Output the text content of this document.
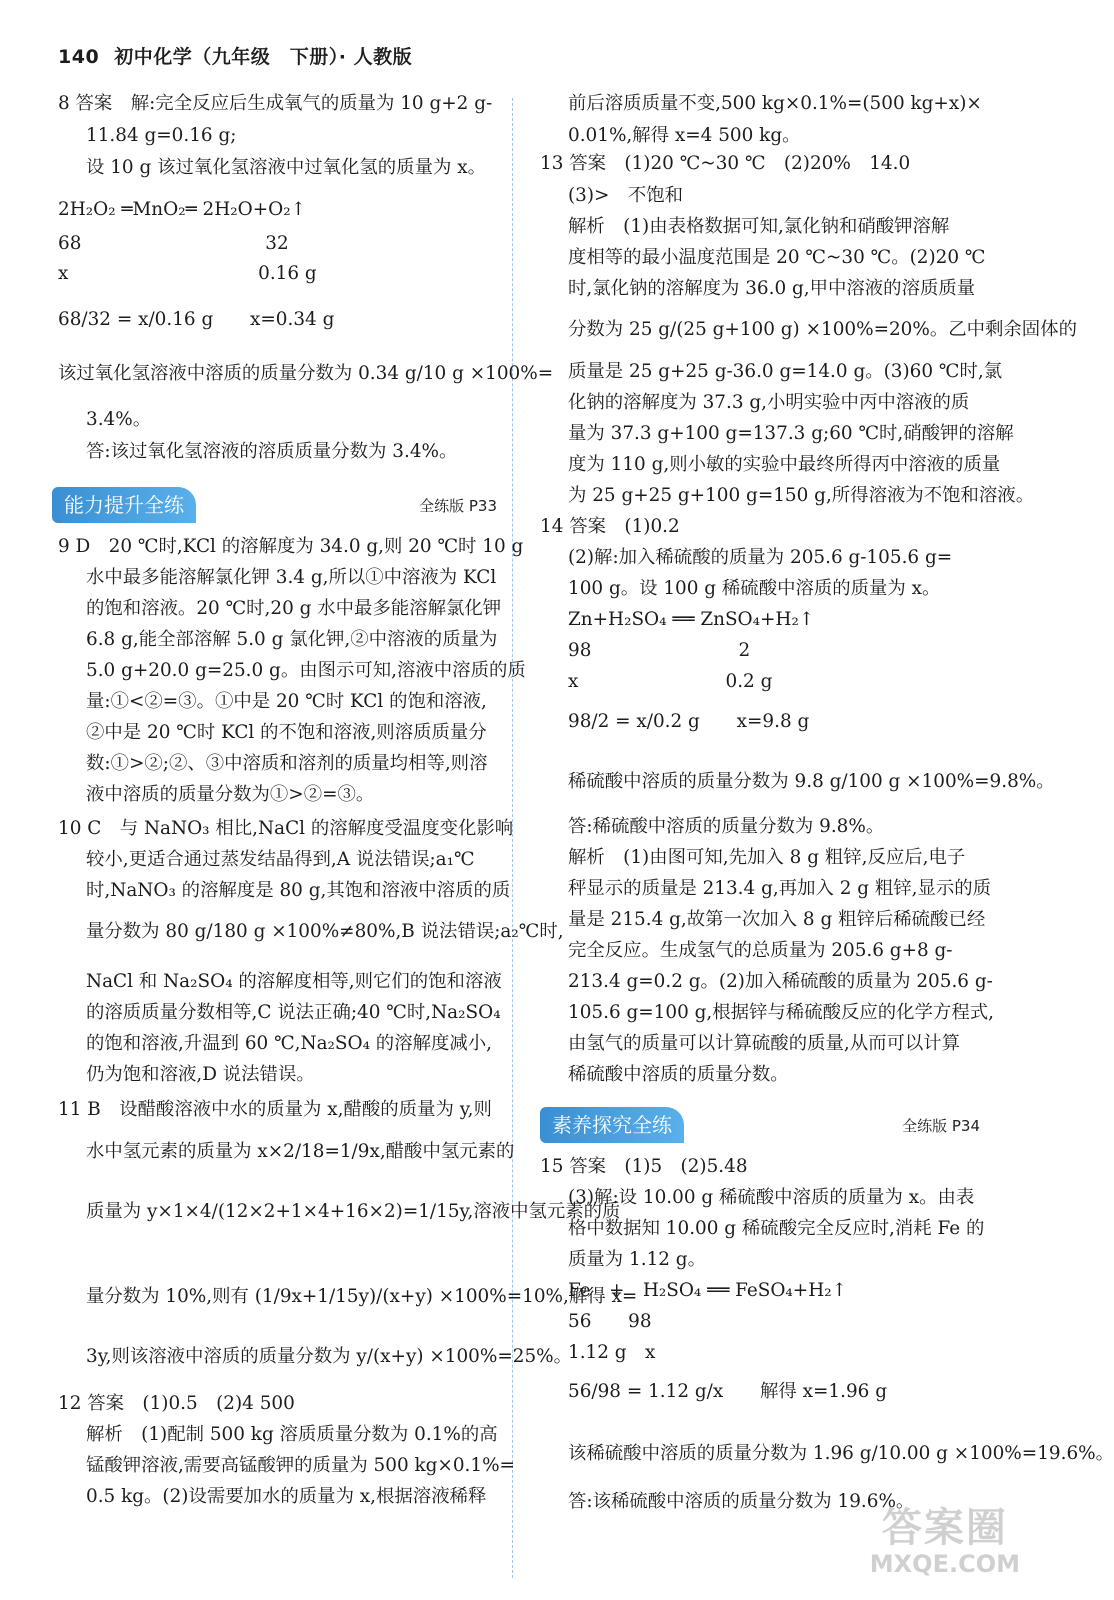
140 初中化学（九年级　下册）· 人教版
8 答案　解:完全反应后生成氧气的质量为 10 g+2 g-
11.84 g=0.16 g;
设 10 g 该过氧化氢溶液中过氧化氢的质量为 x。
2H₂O₂ ═MnO₂═ 2H₂O+O₂↑
68　　　　　　　　　　32
x　　　　　　　　　　 0.16 g
68/32 = x/0.16 g　　x=0.34 g
该过氧化氢溶液中溶质的质量分数为 0.34 g/10 g ×100%=
3.4%。
答:该过氧化氢溶液的溶质质量分数为 3.4%。
9 D　20 ℃时,KCl 的溶解度为 34.0 g,则 20 ℃时 10 g
水中最多能溶解氯化钾 3.4 g,所以①中溶液为 KCl
的饱和溶液。20 ℃时,20 g 水中最多能溶解氯化钾
6.8 g,能全部溶解 5.0 g 氯化钾,②中溶液的质量为
5.0 g+20.0 g=25.0 g。由图示可知,溶液中溶质的质
量:①<②=③。①中是 20 ℃时 KCl 的饱和溶液,
②中是 20 ℃时 KCl 的不饱和溶液,则溶质质量分
数:①>②;②、③中溶质和溶剂的质量均相等,则溶
液中溶质的质量分数为①>②=③。
10 C　与 NaNO₃ 相比,NaCl 的溶解度受温度变化影响
较小,更适合通过蒸发结晶得到,A 说法错误;a₁℃
时,NaNO₃ 的溶解度是 80 g,其饱和溶液中溶质的质
量分数为 80 g/180 g ×100%≠80%,B 说法错误;a₂℃时,
NaCl 和 Na₂SO₄ 的溶解度相等,则它们的饱和溶液
的溶质质量分数相等,C 说法正确;40 ℃时,Na₂SO₄
的饱和溶液,升温到 60 ℃,Na₂SO₄ 的溶解度减小,
仍为饱和溶液,D 说法错误。
11 B　设醋酸溶液中水的质量为 x,醋酸的质量为 y,则
水中氢元素的质量为 x×2/18=1/9x,醋酸中氢元素的
质量为 y×1×4/(12×2+1×4+16×2)=1/15y,溶液中氢元素的质
量分数为 10%,则有 (1/9x+1/15y)/(x+y) ×100%=10%,解得 x=
3y,则该溶液中溶质的质量分数为 y/(x+y) ×100%=25%。
12 答案　(1)0.5　(2)4 500
解析　(1)配制 500 kg 溶质质量分数为 0.1%的高
锰酸钾溶液,需要高锰酸钾的质量为 500 kg×0.1%=
0.5 kg。(2)设需要加水的质量为 x,根据溶液稀释
前后溶质质量不变,500 kg×0.1%=(500 kg+x)×
0.01%,解得 x=4 500 kg。
13 答案　(1)20 ℃~30 ℃　(2)20%　14.0
(3)>　不饱和
解析　(1)由表格数据可知,氯化钠和硝酸钾溶解
度相等的最小温度范围是 20 ℃~30 ℃。(2)20 ℃
时,氯化钠的溶解度为 36.0 g,甲中溶液的溶质质量
分数为 25 g/(25 g+100 g) ×100%=20%。乙中剩余固体的
质量是 25 g+25 g-36.0 g=14.0 g。(3)60 ℃时,氯
化钠的溶解度为 37.3 g,小明实验中丙中溶液的质
量为 37.3 g+100 g=137.3 g;60 ℃时,硝酸钾的溶解
度为 110 g,则小敏的实验中最终所得丙中溶液的质量
为 25 g+25 g+100 g=150 g,所得溶液为不饱和溶液。
14 答案　(1)0.2
(2)解:加入稀硫酸的质量为 205.6 g-105.6 g=
100 g。设 100 g 稀硫酸中溶质的质量为 x。
Zn+H₂SO₄ ══ ZnSO₄+H₂↑
98　　　　　　　　2
x　　　　　　　　0.2 g
98/2 = x/0.2 g　　x=9.8 g
稀硫酸中溶质的质量分数为 9.8 g/100 g ×100%=9.8%。
答:稀硫酸中溶质的质量分数为 9.8%。
解析　(1)由图可知,先加入 8 g 粗锌,反应后,电子
秤显示的质量是 213.4 g,再加入 2 g 粗锌,显示的质
量是 215.4 g,故第一次加入 8 g 粗锌后稀硫酸已经
完全反应。生成氢气的总质量为 205.6 g+8 g-
213.4 g=0.2 g。(2)加入稀硫酸的质量为 205.6 g-
105.6 g=100 g,根据锌与稀硫酸反应的化学方程式,
由氢气的质量可以计算硫酸的质量,从而可以计算
稀硫酸中溶质的质量分数。
15 答案　(1)5　(2)5.48
(3)解:设 10.00 g 稀硫酸中溶质的质量为 x。由表
格中数据知 10.00 g 稀硫酸完全反应时,消耗 Fe 的
质量为 1.12 g。
Fe　+　H₂SO₄ ══ FeSO₄+H₂↑
56　　98
1.12 g　x
56/98 = 1.12 g/x　　解得 x=1.96 g
该稀硫酸中溶质的质量分数为 1.96 g/10.00 g ×100%=19.6%。
答:该稀硫酸中溶质的质量分数为 19.6%。
能力提升全练	全练版 P33
素养探究全练	全练版 P34
答案圈
MXQE.COM
